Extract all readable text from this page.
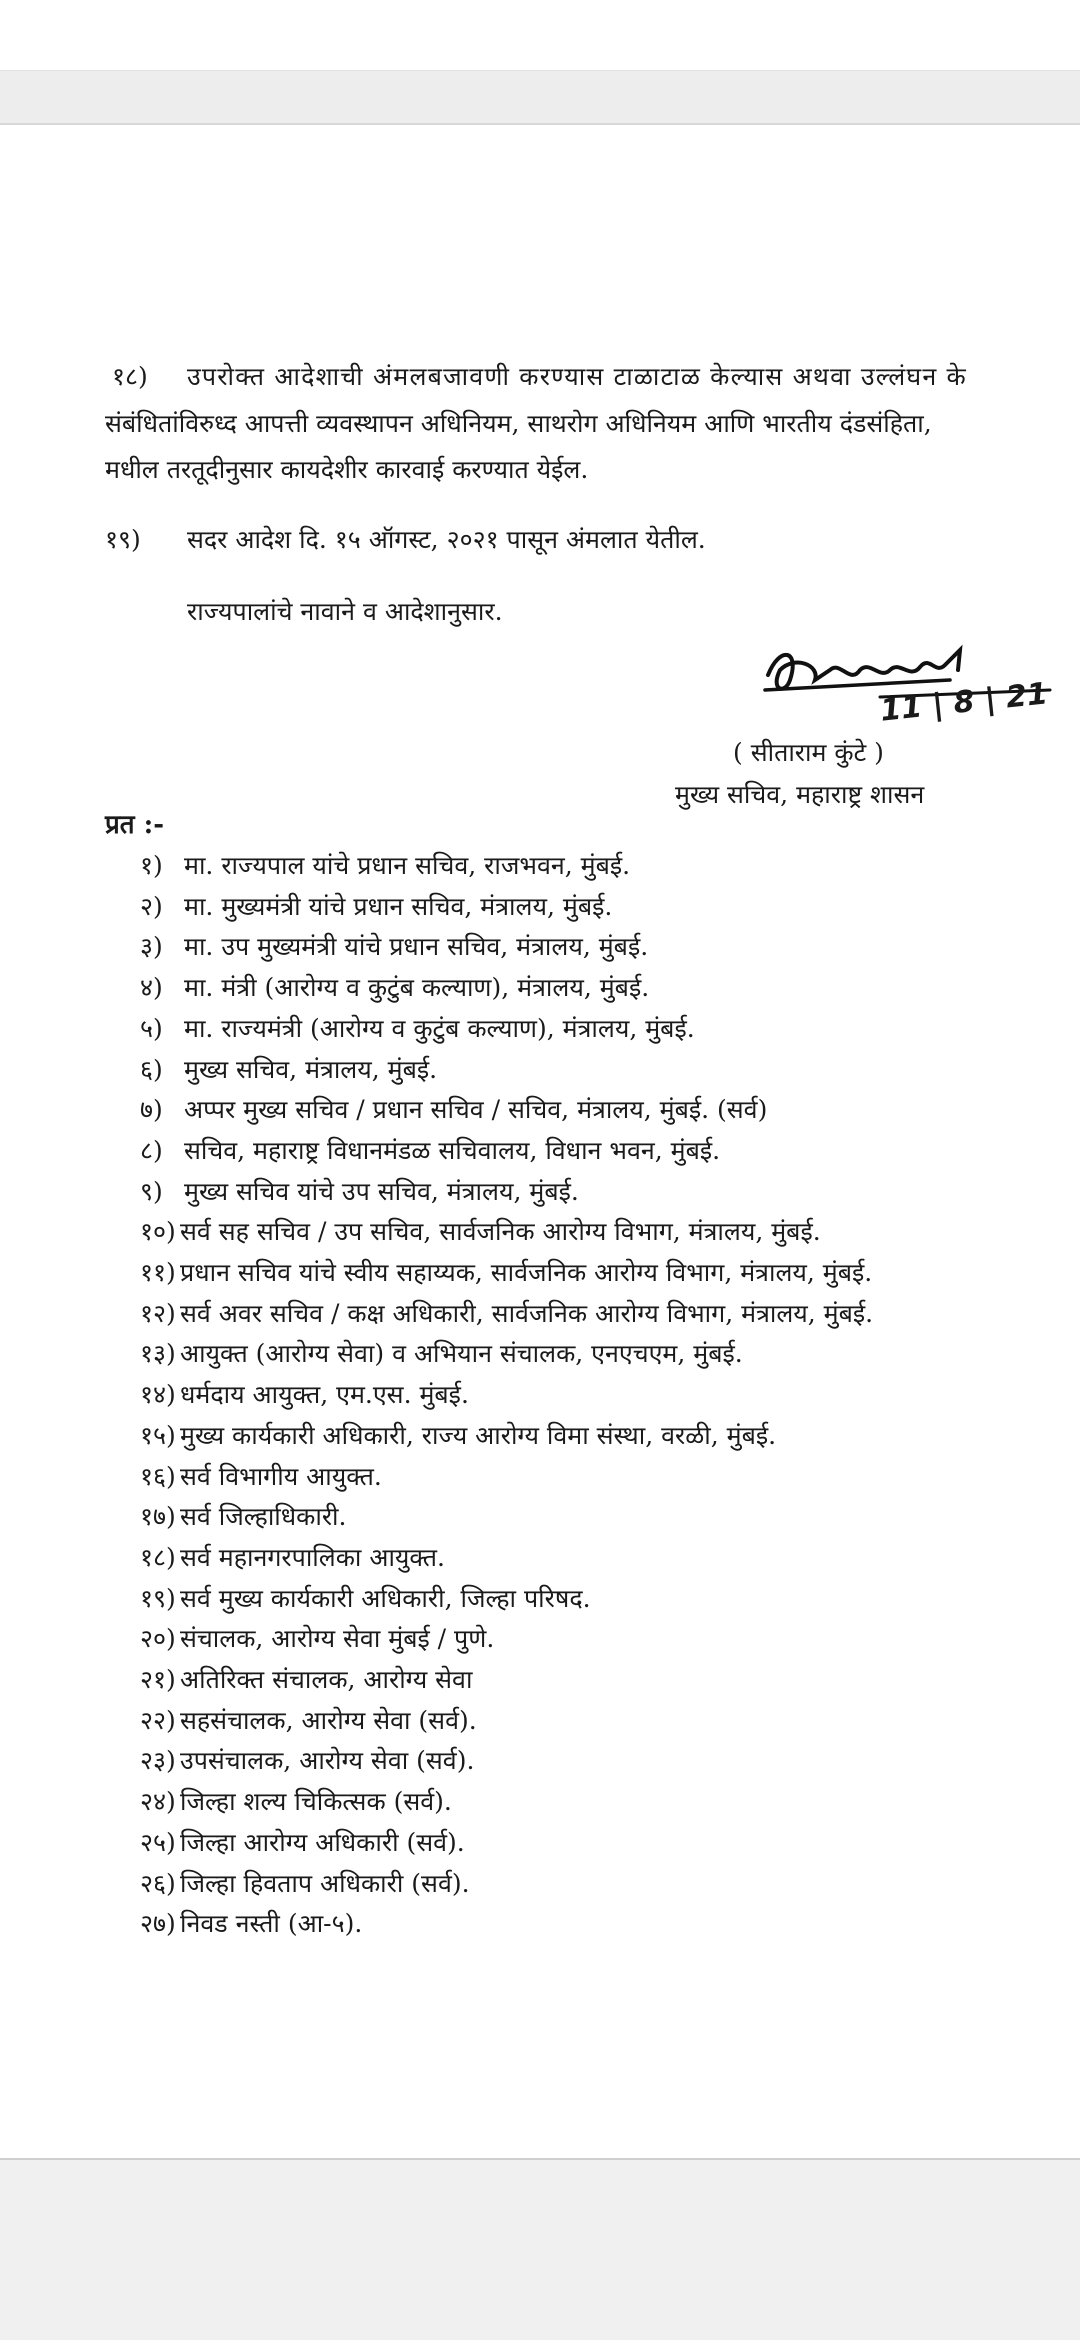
१८) उपरोक्त आदेशाची अंमलबजावणी करण्यास टाळाटाळ केल्यास अथवा उल्लंघन के
संबंधितांविरुध्द आपत्ती व्यवस्थापन अधिनियम, साथरोग अधिनियम आणि भारतीय दंडसंहिता,
मधील तरतूदीनुसार कायदेशीर कारवाई करण्यात येईल.
१९) सदर आदेश दि. १५ ऑगस्ट, २०२१ पासून अंमलात येतील.
राज्यपालांचे नावाने व आदेशानुसार.
11 | 8 | 21
( सीताराम कुंटे )
मुख्य सचिव, महाराष्ट्र शासन
प्रत :-
१) मा. राज्यपाल यांचे प्रधान सचिव, राजभवन, मुंबई.
२) मा. मुख्यमंत्री यांचे प्रधान सचिव, मंत्रालय, मुंबई.
३) मा. उप मुख्यमंत्री यांचे प्रधान सचिव, मंत्रालय, मुंबई.
४) मा. मंत्री (आरोग्य व कुटुंब कल्याण), मंत्रालय, मुंबई.
५) मा. राज्यमंत्री (आरोग्य व कुटुंब कल्याण), मंत्रालय, मुंबई.
६) मुख्य सचिव, मंत्रालय, मुंबई.
७) अप्पर मुख्य सचिव / प्रधान सचिव / सचिव, मंत्रालय, मुंबई. (सर्व)
८) सचिव, महाराष्ट्र विधानमंडळ सचिवालय, विधान भवन, मुंबई.
९) मुख्य सचिव यांचे उप सचिव, मंत्रालय, मुंबई.
१०) सर्व सह सचिव / उप सचिव, सार्वजनिक आरोग्य विभाग, मंत्रालय, मुंबई.
११) प्रधान सचिव यांचे स्वीय सहाय्यक, सार्वजनिक आरोग्य विभाग, मंत्रालय, मुंबई.
१२) सर्व अवर सचिव / कक्ष अधिकारी, सार्वजनिक आरोग्य विभाग, मंत्रालय, मुंबई.
१३) आयुक्त (आरोग्य सेवा) व अभियान संचालक, एनएचएम, मुंबई.
१४) धर्मदाय आयुक्त, एम.एस. मुंबई.
१५) मुख्य कार्यकारी अधिकारी, राज्य आरोग्य विमा संस्था, वरळी, मुंबई.
१६) सर्व विभागीय आयुक्त.
१७) सर्व जिल्हाधिकारी.
१८) सर्व महानगरपालिका आयुक्त.
१९) सर्व मुख्य कार्यकारी अधिकारी, जिल्हा परिषद.
२०) संचालक, आरोग्य सेवा मुंबई / पुणे.
२१) अतिरिक्त संचालक, आरोग्य सेवा
२२) सहसंचालक, आरोग्य सेवा (सर्व).
२३) उपसंचालक, आरोग्य सेवा (सर्व).
२४) जिल्हा शल्य चिकित्सक (सर्व).
२५) जिल्हा आरोग्य अधिकारी (सर्व).
२६) जिल्हा हिवताप अधिकारी (सर्व).
२७) निवड नस्ती (आ-५).
